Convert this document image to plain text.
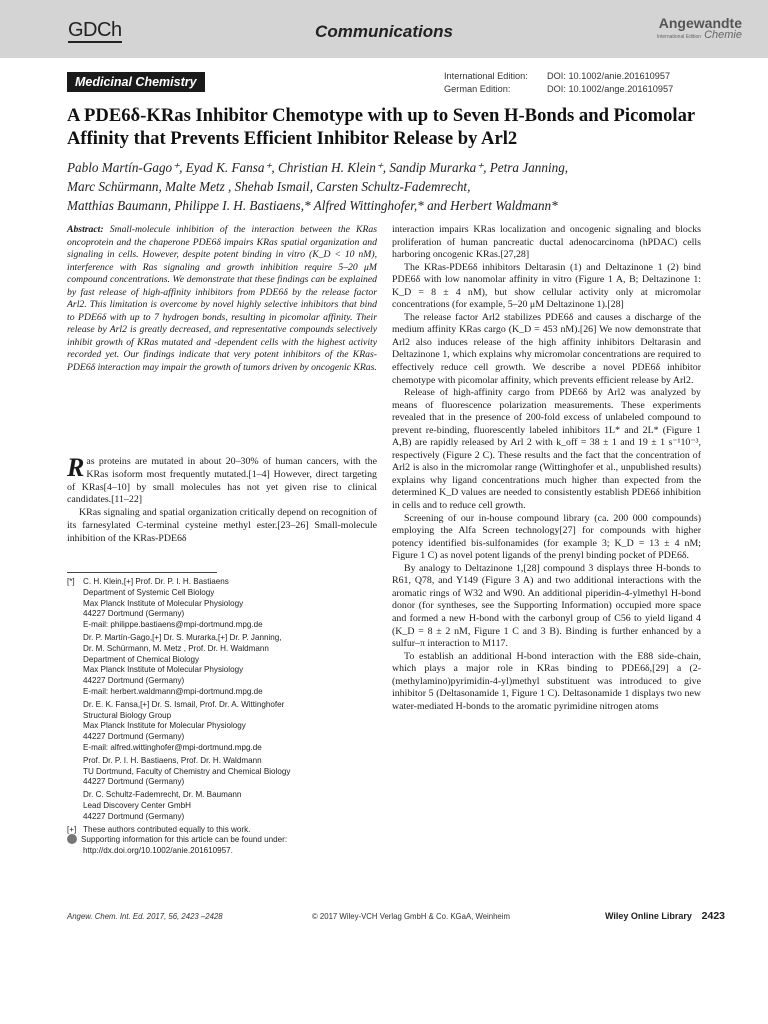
GDCh	Communications	Angewandte
International Edition Chemie
Medicinal Chemistry	International Edition: DOI: 10.1002/anie.201610957
German Edition:	DOI: 10.1002/ange.201610957
A PDE6δ-KRas Inhibitor Chemotype with up to Seven H-Bonds and Picomolar Affinity that Prevents Efficient Inhibitor Release by Arl2
Pablo Martín-Gago⁺, Eyad K. Fansa⁺, Christian H. Klein⁺, Sandip Murarka⁺, Petra Janning,
Marc Schürmann, Malte Metz , Shehab Ismail, Carsten Schultz-Fademrecht,
Matthias Baumann, Philippe I. H. Bastiaens,* Alfred Wittinghofer,* and Herbert Waldmann*
Abstract: Small-molecule inhibition of the interaction between the KRas oncoprotein and the chaperone PDE6δ impairs KRas spatial organization and signaling in cells. However, despite potent binding in vitro (K_D < 10 nM), interference with Ras signaling and growth inhibition require 5–20 μM compound concentrations. We demonstrate that these findings can be explained by fast release of high-affinity inhibitors from PDE6δ by the release factor Arl2. This limitation is overcome by novel highly selective inhibitors that bind to PDE6δ with up to 7 hydrogen bonds, resulting in picomolar affinity. Their release by Arl2 is greatly decreased, and representative compounds selectively inhibit growth of KRas mutated and -dependent cells with the highest activity recorded yet. Our findings indicate that very potent inhibitors of the KRas-PDE6δ interaction may impair the growth of tumors driven by oncogenic KRas.

Ras proteins are mutated in about 20–30% of human cancers, with the KRas isoform most frequently mutated.[1–4] However, direct targeting of KRas[4–10] by small molecules has not yet given rise to clinical candidates.[11–22]

KRas signaling and spatial organization critically depend on recognition of its farnesylated C-terminal cysteine methyl ester.[23–26] Small-molecule inhibition of the KRas-PDE6δ

[*] C. H. Klein,[+] Prof. Dr. P. I. H. Bastiaens
Department of Systemic Cell Biology
Max Planck Institute of Molecular Physiology
44227 Dortmund (Germany)
E-mail: philippe.bastiaens@mpi-dortmund.mpg.de
Dr. P. Martín-Gago,[+] Dr. S. Murarka,[+] Dr. P. Janning,
Dr. M. Schürmann, M. Metz , Prof. Dr. H. Waldmann
Department of Chemical Biology
Max Planck Institute of Molecular Physiology
44227 Dortmund (Germany)
E-mail: herbert.waldmann@mpi-dortmund.mpg.de
Dr. E. K. Fansa,[+] Dr. S. Ismail, Prof. Dr. A. Wittinghofer
Structural Biology Group
Max Planck Institute for Molecular Physiology
44227 Dortmund (Germany)
E-mail: alfred.wittinghofer@mpi-dortmund.mpg.de
Prof. Dr. P. I. H. Bastiaens, Prof. Dr. H. Waldmann
TU Dortmund, Faculty of Chemistry and Chemical Biology
44227 Dortmund (Germany)
Dr. C. Schultz-Fademrecht, Dr. M. Baumann
Lead Discovery Center GmbH
44227 Dortmund (Germany)
[+] These authors contributed equally to this work.
Supporting information for this article can be found under:
http://dx.doi.org/10.1002/anie.201610957.

interaction impairs KRas localization and oncogenic signaling and blocks proliferation of human pancreatic ductal adenocarcinoma (hPDAC) cells harboring oncogenic KRas.[27,28]

The KRas-PDE6δ inhibitors Deltarasin (1) and Deltazinone 1 (2) bind PDE6δ with low nanomolar affinity in vitro (Figure 1 A, B; Deltazinone 1: K_D = 8 ± 4 nM), but show cellular activity only at micromolar concentrations (for example, 5–20 μM Deltazinone 1).[28]

The release factor Arl2 stabilizes PDE6δ and causes a discharge of the medium affinity KRas cargo (K_D = 453 nM).[26] We now demonstrate that Arl2 also induces release of the high affinity inhibitors Deltarasin and Deltazinone 1, which explains why micromolar concentrations are required to effectively reduce cell growth. We describe a novel PDE6δ inhibitor chemotype with picomolar affinity, which prevents efficient release by Arl2.

Release of high-affinity cargo from PDE6δ by Arl2 was analyzed by means of fluorescence polarization measurements. These experiments revealed that in the presence of 200-fold excess of unlabeled compound to prevent re-binding, fluorescently labeled inhibitors 1L* and 2L* (Figure 1 A,B) are rapidly released by Arl 2 with k_off = 38 ± 1 and 19 ± 1 s⁻¹10⁻³, respectively (Figure 2 C). These results and the fact that the concentration of Arl2 is also in the micromolar range (Wittinghofer et al., unpublished results) explains why ligand concentrations much higher than expected from the determined K_D values are needed to consistently establish PDE6δ inhibition in cells and to reduce cell growth.

Screening of our in-house compound library (ca. 200 000 compounds) employing the Alfa Screen technology[27] for compounds with higher potency identified bis-sulfonamides (for example 3; K_D = 13 ± 4 nM; Figure 1 C) as novel potent ligands of the prenyl binding pocket of PDE6δ.

By analogy to Deltazinone 1,[28] compound 3 displays three H-bonds to R61, Q78, and Y149 (Figure 3 A) and two additional interactions with the aromatic rings of W32 and W90. An additional piperidin-4-ylmethyl H-bond donor (for syntheses, see the Supporting Information) occupied more space and formed a new H-bond with the carbonyl group of C56 to yield ligand 4 (K_D = 8 ± 2 nM, Figure 1 C and 3 B). Binding is further enhanced by a sulfur–π interaction to M117.

To establish an additional H-bond interaction with the E88 side-chain, which plays a major role in KRas binding to PDE6δ,[29] a (2-(methylamino)pyrimidin-4-yl)methyl substituent was introduced to give inhibitor 5 (Deltasonamide 1, Figure 1 C). Deltasonamide 1 displays two new water-mediated H-bonds to the aromatic pyrimidine nitrogen atoms

Angew. Chem. Int. Ed. 2017, 56, 2423 –2428	© 2017 Wiley-VCH Verlag GmbH & Co. KGaA, Weinheim	Wiley Online Library 2423
